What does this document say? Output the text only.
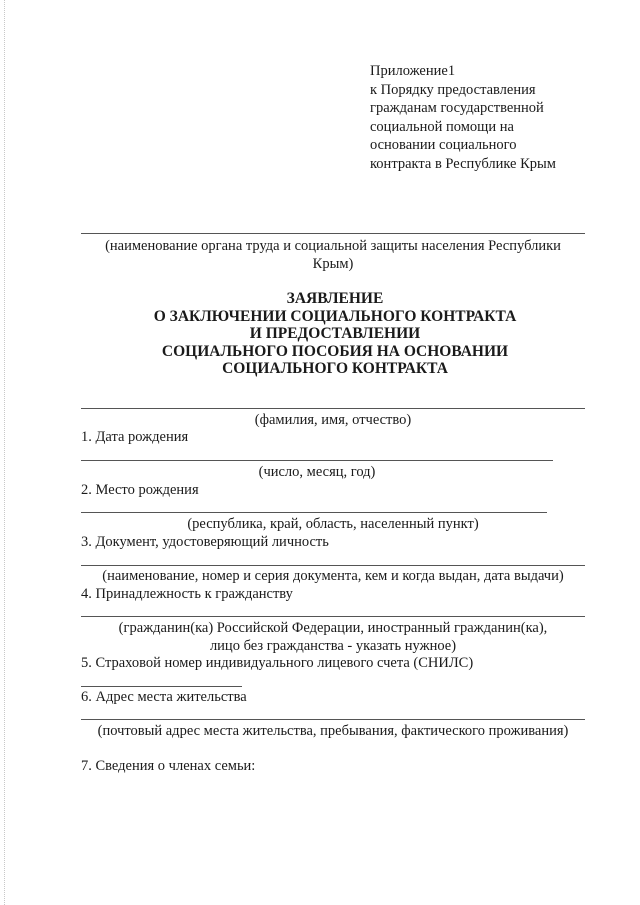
Приложение1
к Порядку предоставления
гражданам государственной
социальной помощи на
основании социального
контракта в Республике Крым
(наименование органа труда и социальной защиты населения Республики
Крым)
ЗАЯВЛЕНИЕ
О ЗАКЛЮЧЕНИИ СОЦИАЛЬНОГО КОНТРАКТА
И ПРЕДОСТАВЛЕНИИ
СОЦИАЛЬНОГО ПОСОБИЯ НА ОСНОВАНИИ
СОЦИАЛЬНОГО КОНТРАКТА
(фамилия, имя, отчество)
1. Дата рождения
(число, месяц, год)
2. Место рождения
(республика, край, область, населенный пункт)
3. Документ, удостоверяющий личность
(наименование, номер и серия документа, кем и когда выдан, дата выдачи)
4. Принадлежность к гражданству
(гражданин(ка) Российской Федерации, иностранный гражданин(ка),
лицо без гражданства - указать нужное)
5. Страховой номер индивидуального лицевого счета (СНИЛС)
6. Адрес места жительства
(почтовый адрес места жительства, пребывания, фактического проживания)
7. Сведения о членах семьи:
